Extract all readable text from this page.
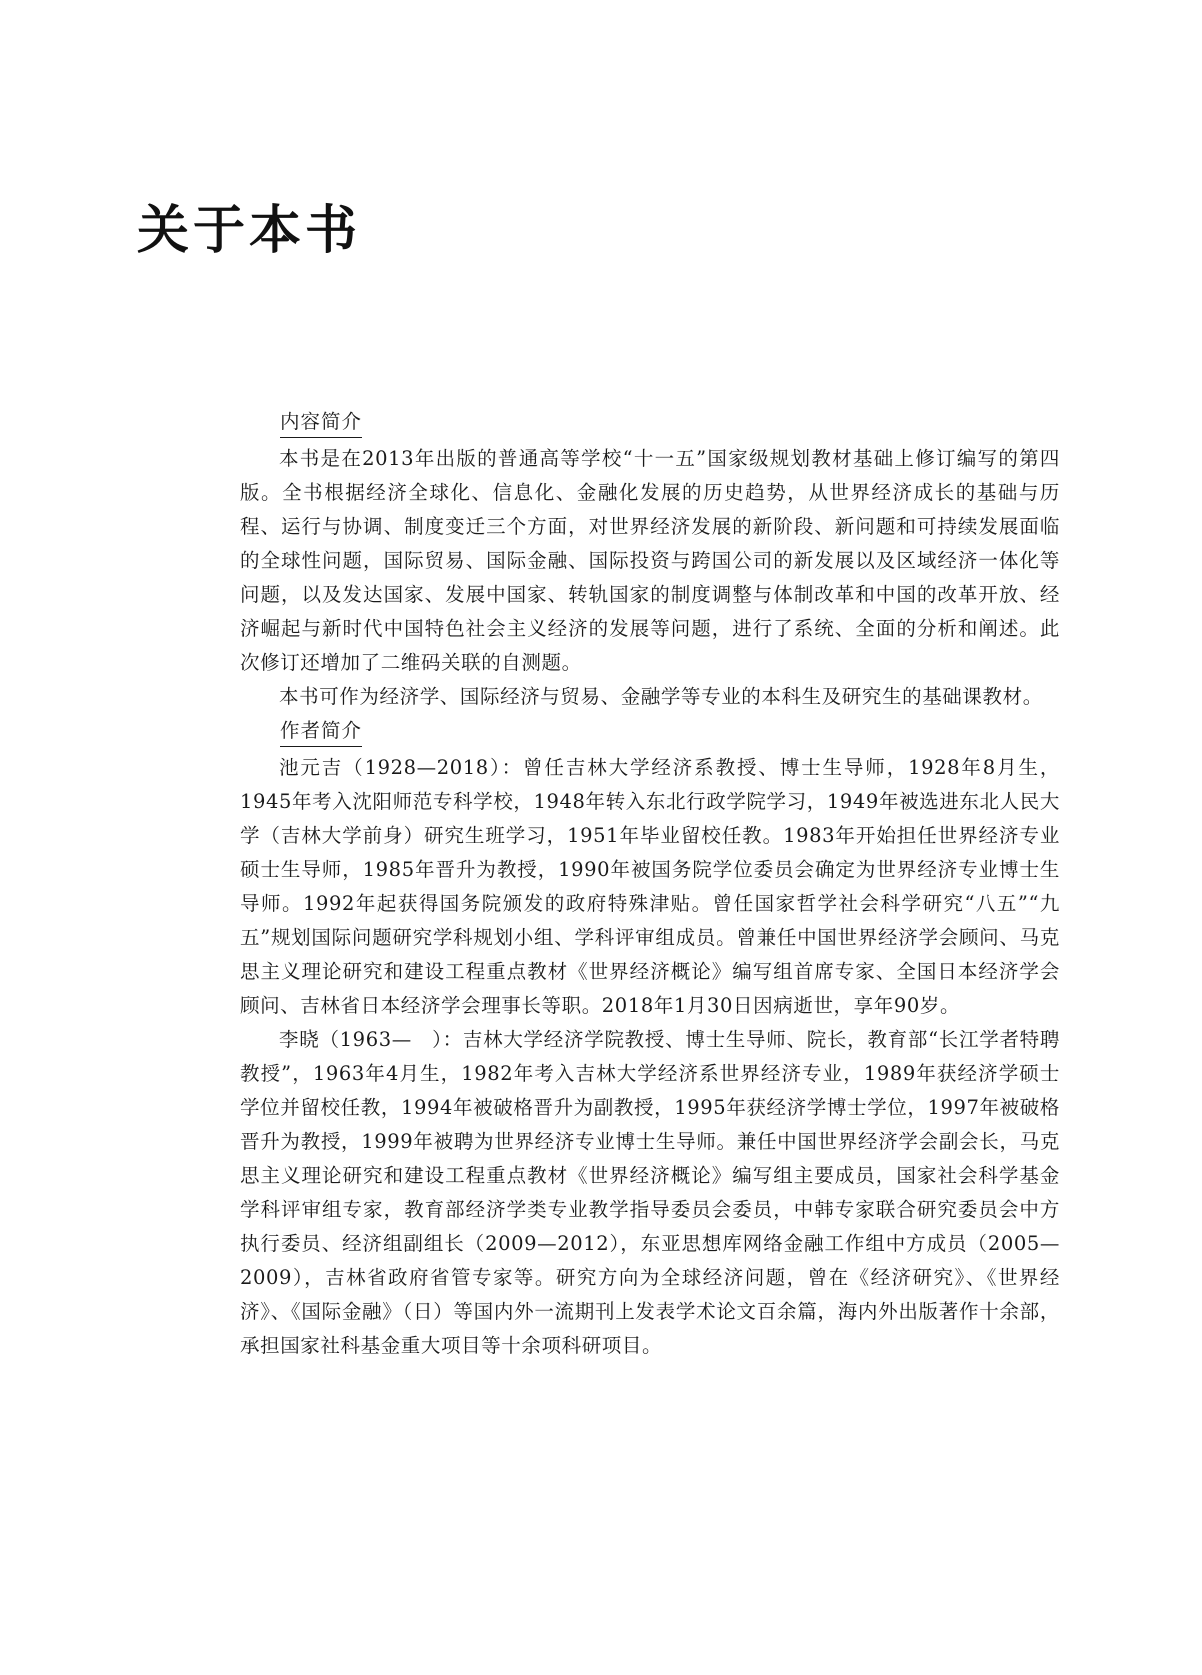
关于本书
内容简介

本书是在2013年出版的普通高等学校“十一五”国家级规划教材基础上修订编写的第四版。全书根据经济全球化、信息化、金融化发展的历史趋势，从世界经济成长的基础与历程、运行与协调、制度变迁三个方面，对世界经济发展的新阶段、新问题和可持续发展面临的全球性问题，国际贸易、国际金融、国际投资与跨国公司的新发展以及区域经济一体化等问题，以及发达国家、发展中国家、转轨国家的制度调整与体制改革和中国的改革开放、经济崛起与新时代中国特色社会主义经济的发展等问题，进行了系统、全面的分析和阐述。此次修订还增加了二维码关联的自测题。

本书可作为经济学、国际经济与贸易、金融学等专业的本科生及研究生的基础课教材。

作者简介

池元吉（1928—2018）：曾任吉林大学经济系教授、博士生导师，1928年8月生，1945年考入沈阳师范专科学校，1948年转入东北行政学院学习，1949年被选进东北人民大学（吉林大学前身）研究生班学习，1951年毕业留校任教。1983年开始担任世界经济专业硕士生导师，1985年晋升为教授，1990年被国务院学位委员会确定为世界经济专业博士生导师。1992年起获得国务院颁发的政府特殊津贴。曾任国家哲学社会科学研究“八五”“九五”规划国际问题研究学科规划小组、学科评审组成员。曾兼任中国世界经济学会顾问、马克思主义理论研究和建设工程重点教材《世界经济概论》编写组首席专家、全国日本经济学会顾问、吉林省日本经济学会理事长等职。2018年1月30日因病逝世，享年90岁。

李晓（1963—　）：吉林大学经济学院教授、博士生导师、院长，教育部“长江学者特聘教授”，1963年4月生，1982年考入吉林大学经济系世界经济专业，1989年获经济学硕士学位并留校任教，1994年被破格晋升为副教授，1995年获经济学博士学位，1997年被破格晋升为教授，1999年被聘为世界经济专业博士生导师。兼任中国世界经济学会副会长，马克思主义理论研究和建设工程重点教材《世界经济概论》编写组主要成员，国家社会科学基金学科评审组专家，教育部经济学类专业教学指导委员会委员，中韩专家联合研究委员会中方执行委员、经济组副组长（2009—2012），东亚思想库网络金融工作组中方成员（2005—2009），吉林省政府省管专家等。研究方向为全球经济问题，曾在《经济研究》、《世界经济》、《国际金融》（日）等国内外一流期刊上发表学术论文百余篇，海内外出版著作十余部，承担国家社科基金重大项目等十余项科研项目。
